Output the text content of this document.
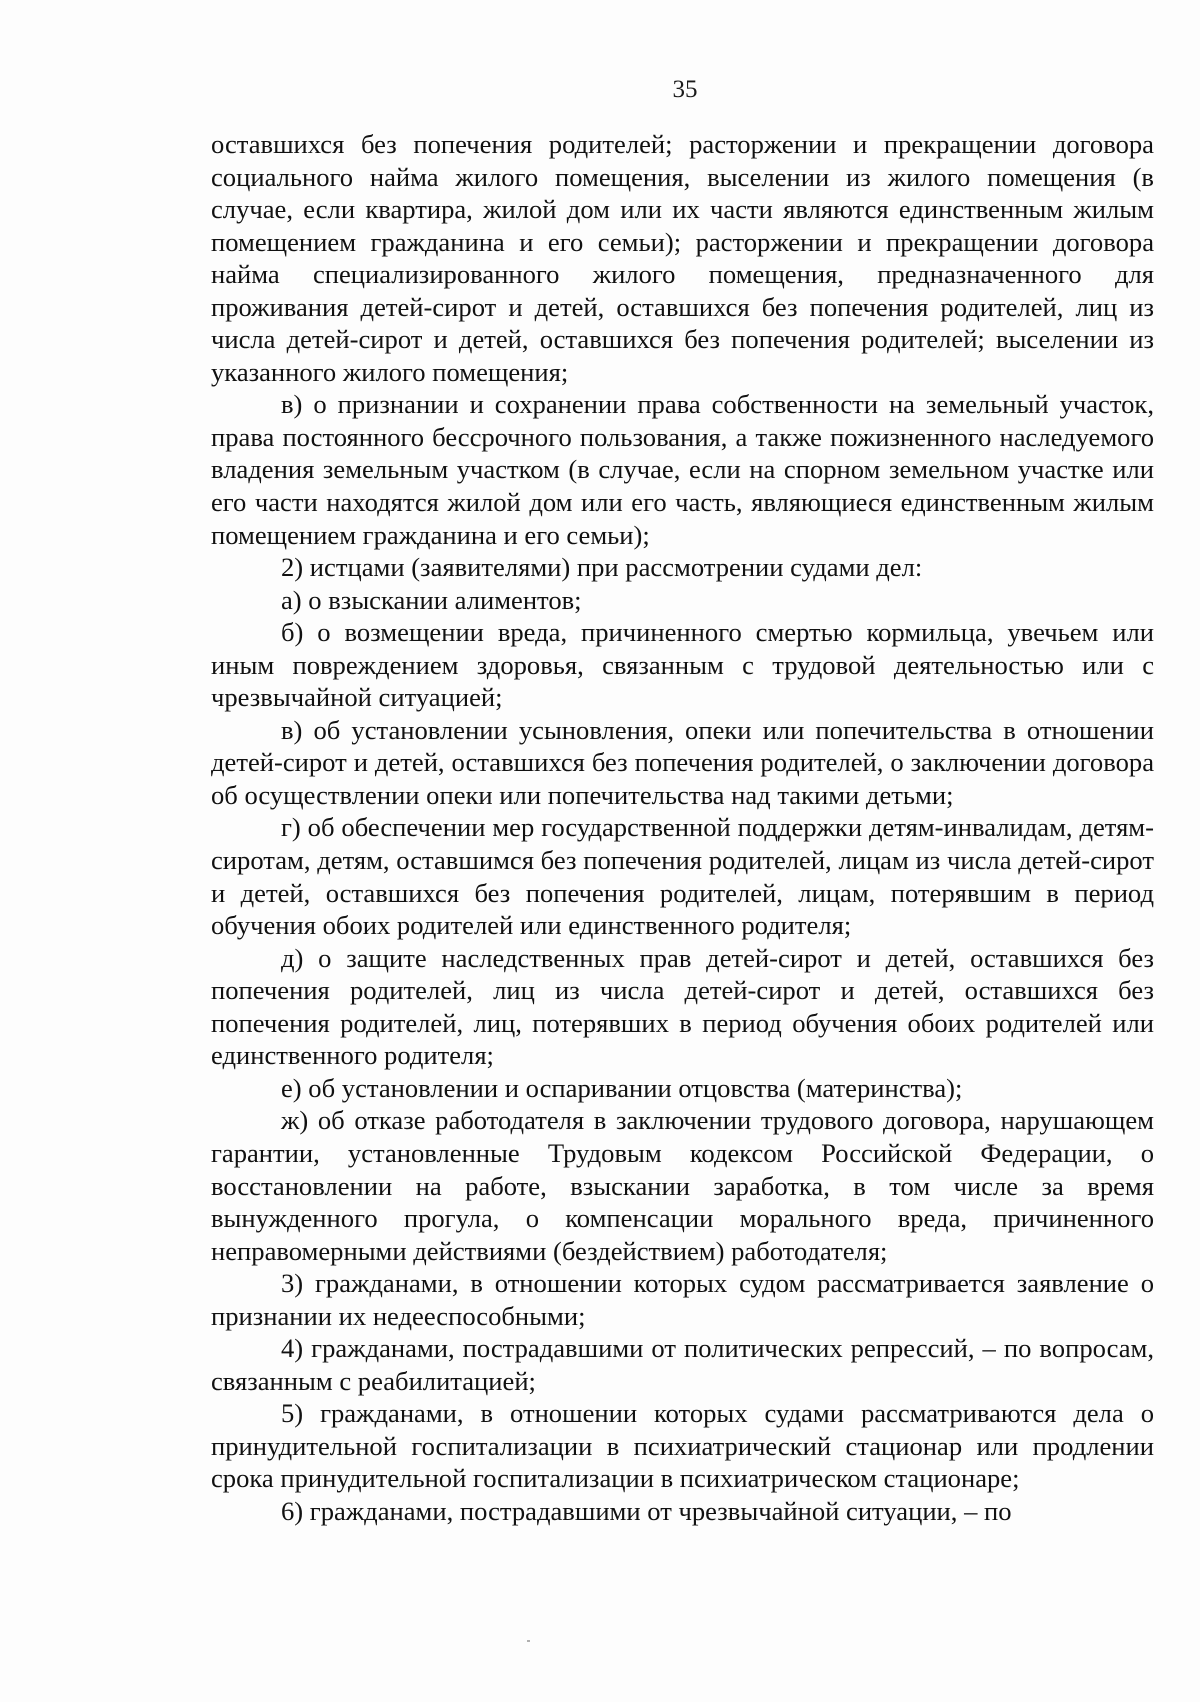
35

оставшихся без попечения родителей; расторжении и прекращении договора социального найма жилого помещения, выселении из жилого помещения (в случае, если квартира, жилой дом или их части являются единственным жилым помещением гражданина и его семьи); расторжении и прекращении договора найма специализированного жилого помещения, предназначенного для проживания детей-сирот и детей, оставшихся без попечения родителей, лиц из числа детей-сирот и детей, оставшихся без попечения родителей; выселении из указанного жилого помещения;

в) о признании и сохранении права собственности на земельный участок, права постоянного бессрочного пользования, а также пожизненного наследуемого владения земельным участком (в случае, если на спорном земельном участке или его части находятся жилой дом или его часть, являющиеся единственным жилым помещением гражданина и его семьи);

2) истцами (заявителями) при рассмотрении судами дел:

а) о взыскании алиментов;

б) о возмещении вреда, причиненного смертью кормильца, увечьем или иным повреждением здоровья, связанным с трудовой деятельностью или с чрезвычайной ситуацией;

в) об установлении усыновления, опеки или попечительства в отношении детей-сирот и детей, оставшихся без попечения родителей, о заключении договора об осуществлении опеки или попечительства над такими детьми;

г) об обеспечении мер государственной поддержки детям-инвалидам, детям-сиротам, детям, оставшимся без попечения родителей, лицам из числа детей-сирот и детей, оставшихся без попечения родителей, лицам, потерявшим в период обучения обоих родителей или единственного родителя;

д) о защите наследственных прав детей-сирот и детей, оставшихся без попечения родителей, лиц из числа детей-сирот и детей, оставшихся без попечения родителей, лиц, потерявших в период обучения обоих родителей или единственного родителя;

е) об установлении и оспаривании отцовства (материнства);

ж) об отказе работодателя в заключении трудового договора, нарушающем гарантии, установленные Трудовым кодексом Российской Федерации, о восстановлении на работе, взыскании заработка, в том числе за время вынужденного прогула, о компенсации морального вреда, причиненного неправомерными действиями (бездействием) работодателя;

3) гражданами, в отношении которых судом рассматривается заявление о признании их недееспособными;

4) гражданами, пострадавшими от политических репрессий, – по вопросам, связанным с реабилитацией;

5) гражданами, в отношении которых судами рассматриваются дела о принудительной госпитализации в психиатрический стационар или продлении срока принудительной госпитализации в психиатрическом стационаре;

6) гражданами, пострадавшими от чрезвычайной ситуации, – по
